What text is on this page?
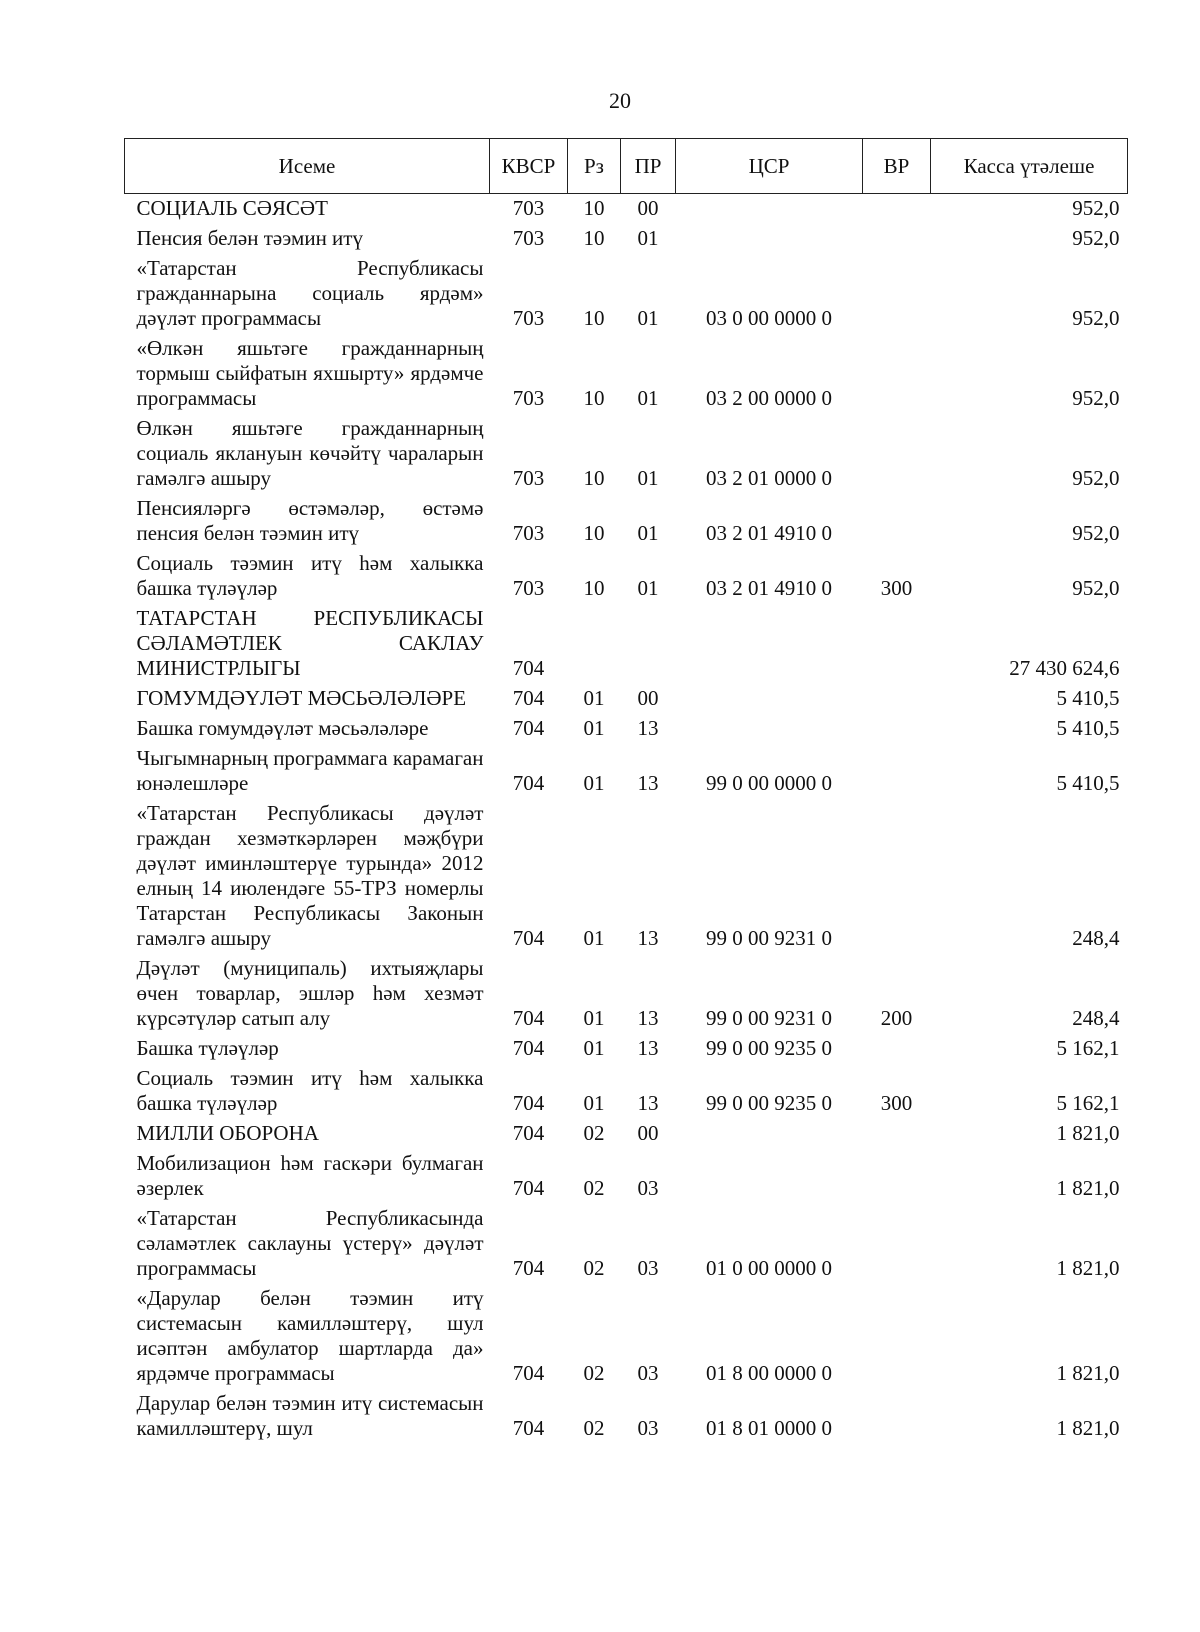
20
Исеме	КВСР	Рз	ПР	ЦСР	ВР	Касса үтәлеше
СОЦИАЛЬ СӘЯСӘТ	703	10	00			952,0
Пенсия белән тәэмин итү	703	10	01			952,0
«Татарстан Республикасы гражданнарына социаль ярдәм» дәүләт программасы	703	10	01	03 0 00 0000 0		952,0
«Өлкән яшьтәге гражданнарның тормыш сыйфатын яхшырту» ярдәмче программасы	703	10	01	03 2 00 0000 0		952,0
Өлкән яшьтәге гражданнарның социаль яклануын көчәйтү чараларын гамәлгә ашыру	703	10	01	03 2 01 0000 0		952,0
Пенсияләргә өстәмәләр, өстәмә пенсия белән тәэмин итү	703	10	01	03 2 01 4910 0		952,0
Социаль тәэмин итү һәм халыкка башка түләүләр	703	10	01	03 2 01 4910 0	300	952,0
ТАТАРСТАН РЕСПУБЛИКАСЫ СӘЛАМӘТЛЕК САКЛАУ МИНИСТРЛЫГЫ	704					27 430 624,6
ГОМУМДӘҮЛӘТ МӘСЬӘЛӘЛӘРЕ	704	01	00			5 410,5
Башка гомумдәүләт мәсьәләләре	704	01	13			5 410,5
Чыгымнарның программага карамаган юнәлешләре	704	01	13	99 0 00 0000 0		5 410,5
«Татарстан Республикасы дәүләт граждан хезмәткәрләрен мәҗбүри дәүләт иминләштерүе турында» 2012 елның 14 июлендәге 55-ТРЗ номерлы Татарстан Республикасы Законын гамәлгә ашыру	704	01	13	99 0 00 9231 0		248,4
Дәүләт (муниципаль) ихтыяҗлары өчен товарлар, эшләр һәм хезмәт күрсәтүләр сатып алу	704	01	13	99 0 00 9231 0	200	248,4
Башка түләүләр	704	01	13	99 0 00 9235 0		5 162,1
Социаль тәэмин итү һәм халыкка башка түләүләр	704	01	13	99 0 00 9235 0	300	5 162,1
МИЛЛИ ОБОРОНА	704	02	00			1 821,0
Мобилизацион һәм гаскәри булмаган әзерлек	704	02	03			1 821,0
«Татарстан Республикасында сәламәтлек саклауны үстерү» дәүләт программасы	704	02	03	01 0 00 0000 0		1 821,0
«Дарулар белән тәэмин итү системасын камилләштерү, шул исәптән амбулатор шартларда да» ярдәмче программасы	704	02	03	01 8 00 0000 0		1 821,0
Дарулар белән тәэмин итү системасын камилләштерү, шул	704	02	03	01 8 01 0000 0		1 821,0
